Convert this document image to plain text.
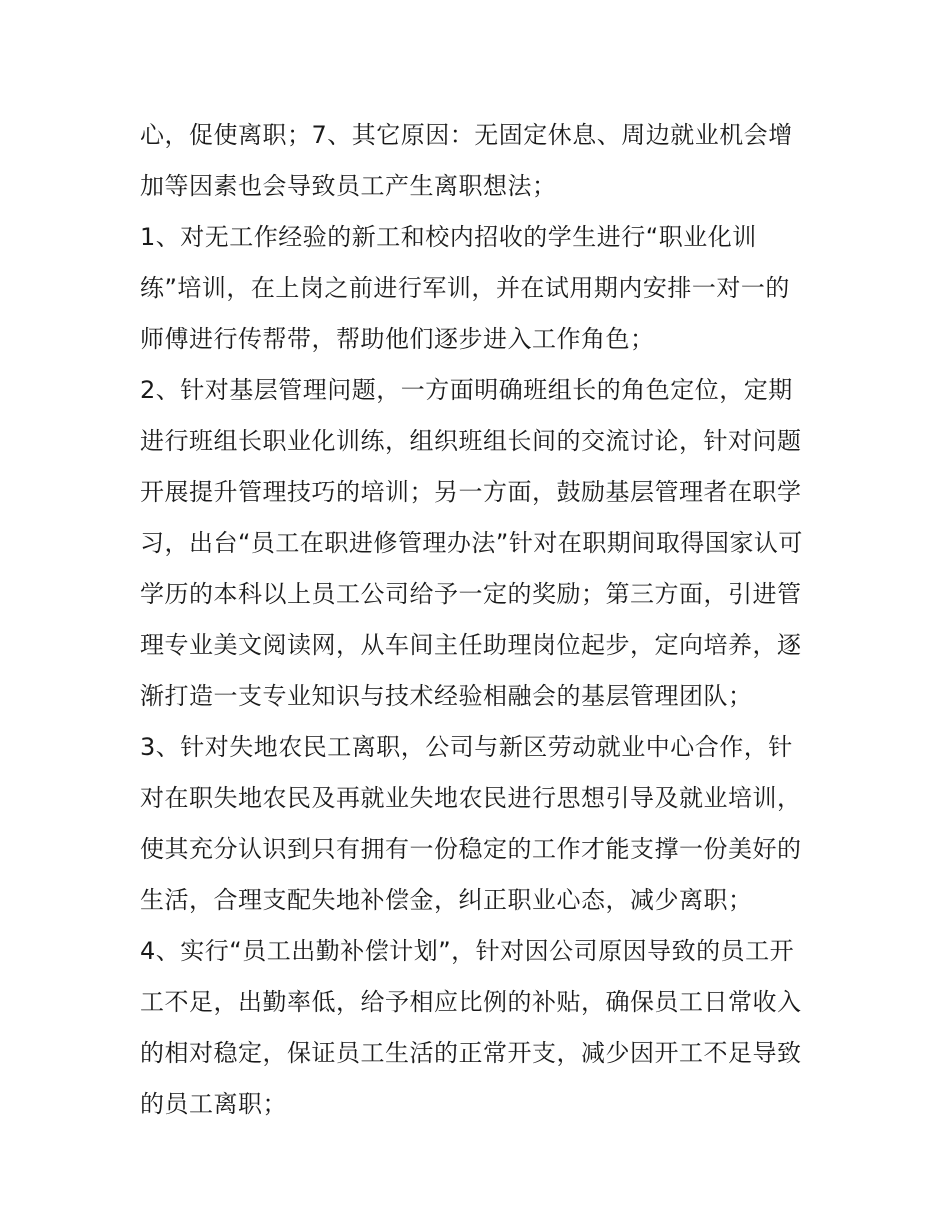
心，促使离职；7、其它原因：无固定休息、周边就业机会增
加等因素也会导致员工产生离职想法；
1、对无工作经验的新工和校内招收的学生进行“职业化训
练”培训，在上岗之前进行军训，并在试用期内安排一对一的
师傅进行传帮带，帮助他们逐步进入工作角色；
2、针对基层管理问题，一方面明确班组长的角色定位，定期
进行班组长职业化训练，组织班组长间的交流讨论，针对问题
开展提升管理技巧的培训；另一方面，鼓励基层管理者在职学
习，出台“员工在职进修管理办法”针对在职期间取得国家认可
学历的本科以上员工公司给予一定的奖励；第三方面，引进管
理专业美文阅读网，从车间主任助理岗位起步，定向培养，逐
渐打造一支专业知识与技术经验相融会的基层管理团队；
3、针对失地农民工离职，公司与新区劳动就业中心合作，针
对在职失地农民及再就业失地农民进行思想引导及就业培训，
使其充分认识到只有拥有一份稳定的工作才能支撑一份美好的
生活，合理支配失地补偿金，纠正职业心态，减少离职；
4、实行“员工出勤补偿计划”，针对因公司原因导致的员工开
工不足，出勤率低，给予相应比例的补贴，确保员工日常收入
的相对稳定，保证员工生活的正常开支，减少因开工不足导致
的员工离职；
